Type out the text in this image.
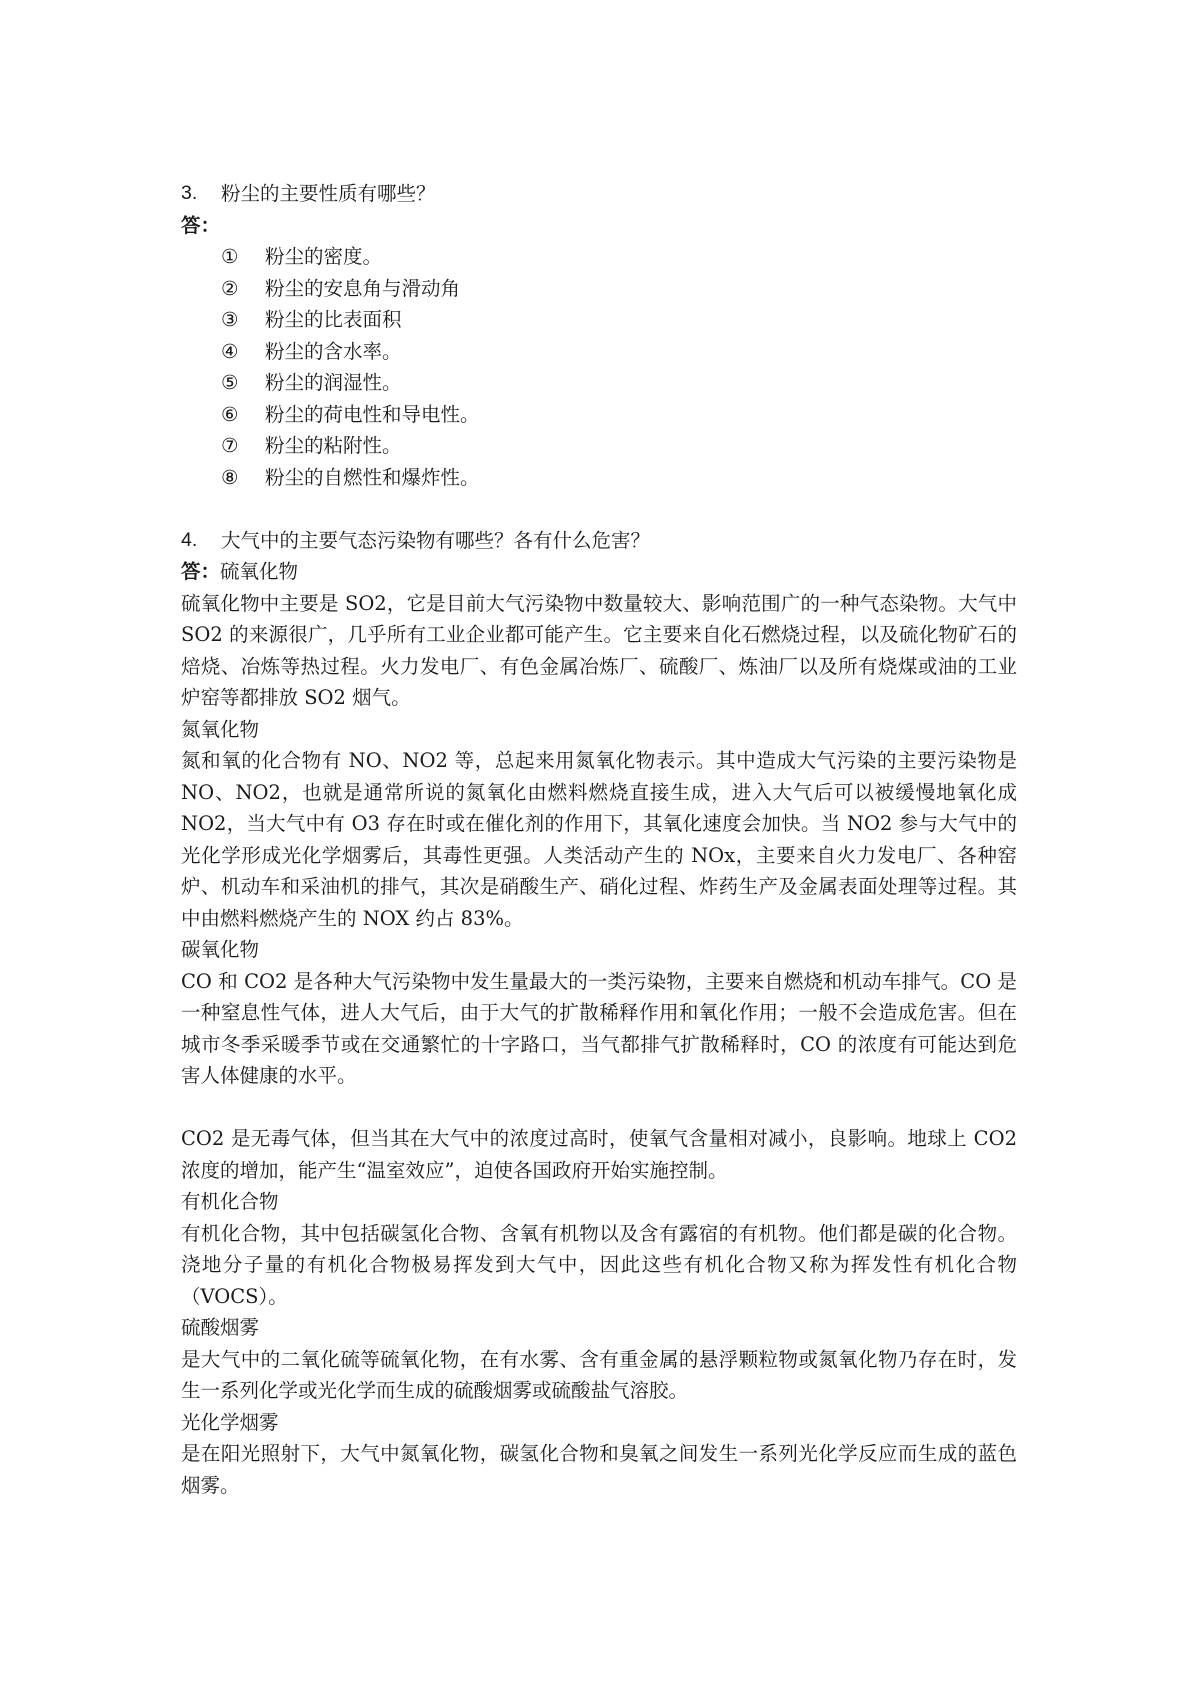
3.	粉尘的主要性质有哪些？

答：

①	粉尘的密度。
②	粉尘的安息角与滑动角
③	粉尘的比表面积
④	粉尘的含水率。
⑤	粉尘的润湿性。
⑥	粉尘的荷电性和导电性。
⑦	粉尘的粘附性。
⑧	粉尘的自燃性和爆炸性。

4.	大气中的主要气态污染物有哪些？各有什么危害？

答：硫氧化物

硫氧化物中主要是 SO2，它是目前大气污染物中数量较大、影响范围广的一种气态染物。大气中 SO2 的来源很广，几乎所有工业企业都可能产生。它主要来自化石燃烧过程，以及硫化物矿石的焙烧、冶炼等热过程。火力发电厂、有色金属冶炼厂、硫酸厂、炼油厂以及所有烧煤或油的工业炉窑等都排放 SO2 烟气。

氮氧化物

氮和氧的化合物有 NO、NO2 等，总起来用氮氧化物表示。其中造成大气污染的主要污染物是 NO、NO2，也就是通常所说的氮氧化由燃料燃烧直接生成，进入大气后可以被缓慢地氧化成 NO2，当大气中有 O3 存在时或在催化剂的作用下，其氧化速度会加快。当 NO2 参与大气中的光化学形成光化学烟雾后，其毒性更强。人类活动产生的 NOx，主要来自火力发电厂、各种窑炉、机动车和采油机的排气，其次是硝酸生产、硝化过程、炸药生产及金属表面处理等过程。其中由燃料燃烧产生的 NOX 约占 83%。

碳氧化物

CO 和 CO2 是各种大气污染物中发生量最大的一类污染物，主要来自燃烧和机动车排气。CO 是一种窒息性气体，进人大气后，由于大气的扩散稀释作用和氧化作用；一般不会造成危害。但在城市冬季采暖季节或在交通繁忙的十字路口，当气都排气扩散稀释时，CO 的浓度有可能达到危害人体健康的水平。

CO2 是无毒气体，但当其在大气中的浓度过高时，使氧气含量相对减小，良影响。地球上 CO2 浓度的增加，能产生“温室效应”，迫使各国政府开始实施控制。

有机化合物

有机化合物，其中包括碳氢化合物、含氧有机物以及含有露宿的有机物。他们都是碳的化合物。浇地分子量的有机化合物极易挥发到大气中，因此这些有机化合物又称为挥发性有机化合物（VOCS）。

硫酸烟雾

是大气中的二氧化硫等硫氧化物，在有水雾、含有重金属的悬浮颗粒物或氮氧化物乃存在时，发生一系列化学或光化学而生成的硫酸烟雾或硫酸盐气溶胶。

光化学烟雾

是在阳光照射下，大气中氮氧化物，碳氢化合物和臭氧之间发生一系列光化学反应而生成的蓝色烟雾。
